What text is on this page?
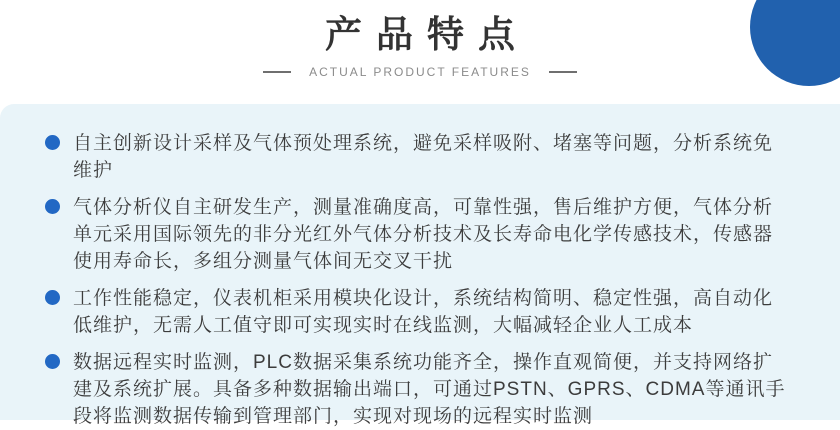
产品特点
ACTUAL PRODUCT FEATURES
自主创新设计采样及气体预处理系统，避免采样吸附、堵塞等问题，分析系统免
维护
气体分析仪自主研发生产，测量准确度高，可靠性强，售后维护方便，气体分析
单元采用国际领先的非分光红外气体分析技术及长寿命电化学传感技术，传感器
使用寿命长，多组分测量气体间无交叉干扰
工作性能稳定，仪表机柜采用模块化设计，系统结构简明、稳定性强，高自动化
低维护，无需人工值守即可实现实时在线监测，大幅减轻企业人工成本
数据远程实时监测，PLC数据采集系统功能齐全，操作直观简便，并支持网络扩
建及系统扩展。具备多种数据输出端口，可通过PSTN、GPRS、CDMA等通讯手
段将监测数据传输到管理部门，实现对现场的远程实时监测
